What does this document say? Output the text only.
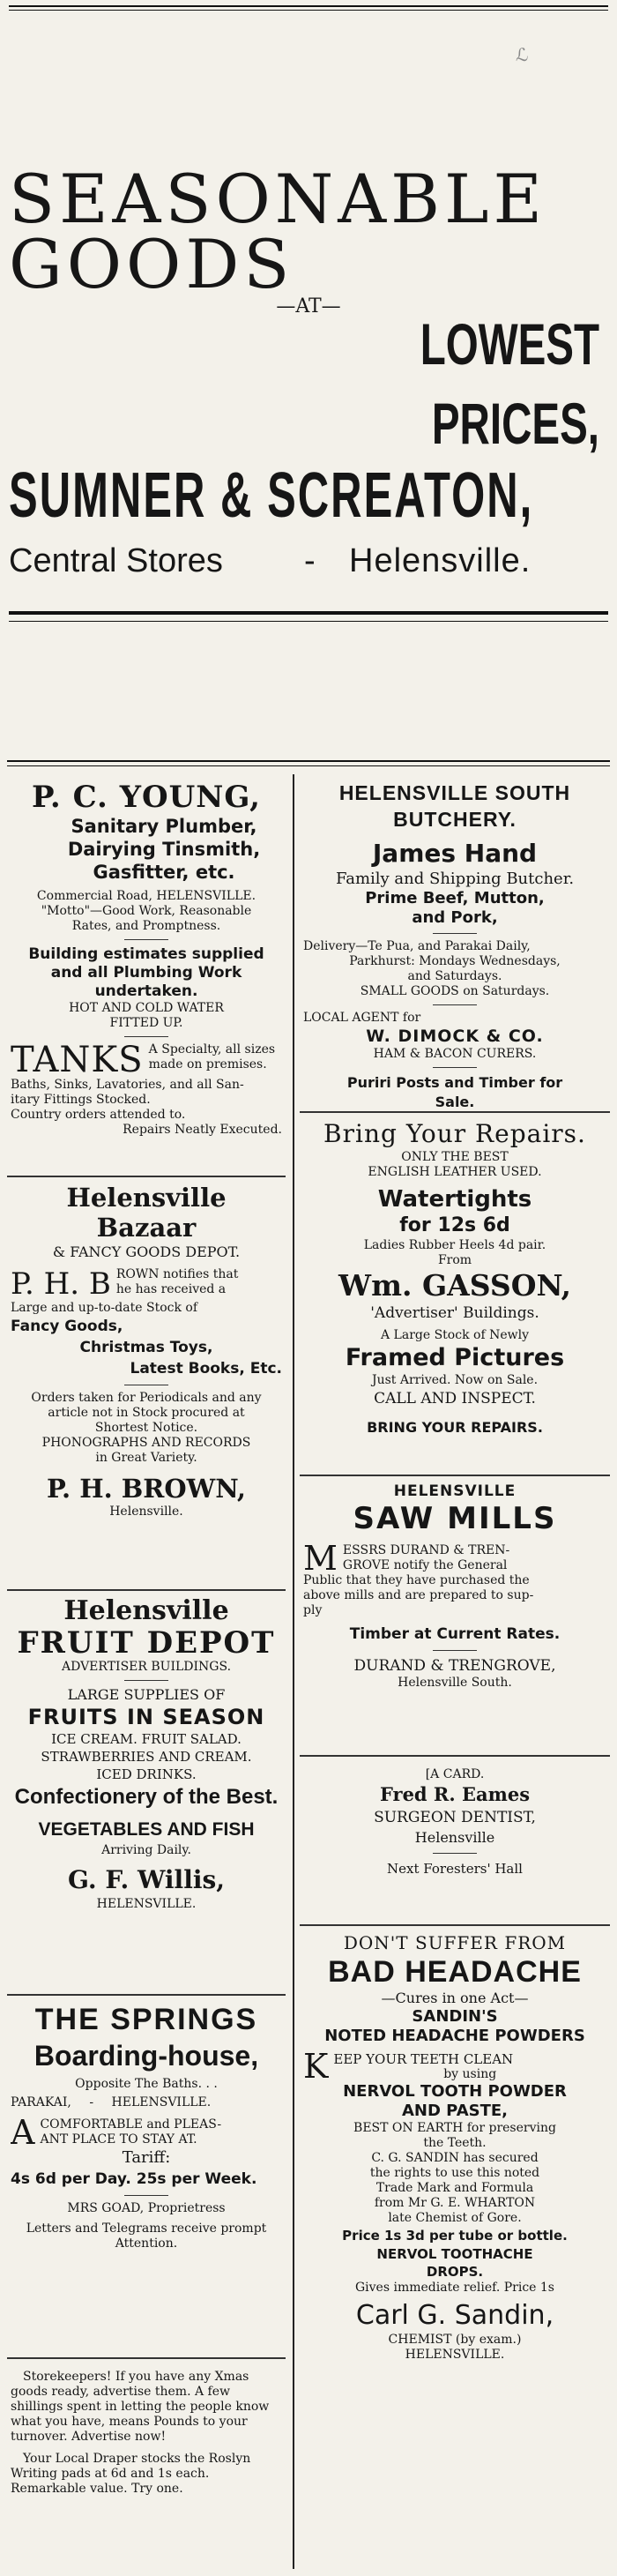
ℒ
SEASONABLE
GOODS
—AT—
LOWEST PRICES,
SUMNER & SCREATON,
Central Stores - Helensville.
P. C. YOUNG,
Sanitary Plumber,
Dairying Tinsmith,
Gasfitter, etc.
Commercial Road, HELENSVILLE.
"Motto"—Good Work, Reasonable
Rates, and Promptness.
Building estimates supplied
and all Plumbing Work
undertaken.
HOT AND COLD WATER
FITTED UP.
TANKS A Specialty, all sizes
made on premises.
Baths, Sinks, Lavatories, and all San-
itary Fittings Stocked.
Country orders attended to.
Repairs Neatly Executed.
Helensville
Bazaar
& FANCY GOODS DEPOT.
P. H. B ROWN notifies that
he has received a
Large and up-to-date Stock of
Fancy Goods,
Christmas Toys,
Latest Books, Etc.
Orders taken for Periodicals and any
article not in Stock procured at
Shortest Notice.
PHONOGRAPHS AND RECORDS
in Great Variety.
P. H. BROWN,
Helensville.
Helensville
FRUIT DEPOT
ADVERTISER BUILDINGS.
LARGE SUPPLIES OF
FRUITS IN SEASON
ICE CREAM. FRUIT SALAD.
STRAWBERRIES AND CREAM.
ICED DRINKS.
Confectionery of the Best.
VEGETABLES AND FISH
Arriving Daily.
G. F. Willis,
HELENSVILLE.
THE SPRINGS
Boarding-house,
Opposite The Baths. . .
PARAKAI, - HELENSVILLE.
A COMFORTABLE and PLEAS-
ANT PLACE TO STAY AT.
Tariff:
4s 6d per Day. 25s per Week.
MRS GOAD, Proprietress
Letters and Telegrams receive prompt
Attention.
Storekeepers! If you have any Xmas goods ready, advertise them. A few shillings spent in letting the people know what you have, means Pounds to your turnover. Advertise now!
Your Local Draper stocks the Roslyn Writing pads at 6d and 1s each. Remarkable value. Try one.
HELENSVILLE SOUTH
BUTCHERY.
James Hand
Family and Shipping Butcher.
Prime Beef, Mutton,
and Pork,
Delivery—Te Pua, and Parakai Daily,
Parkhurst: Mondays Wednesdays,
and Saturdays.
SMALL GOODS on Saturdays.
LOCAL AGENT for
W. DIMOCK & CO.
HAM & BACON CURERS.
Puriri Posts and Timber for
Sale.
Bring Your Repairs.
ONLY THE BEST
ENGLISH LEATHER USED.
Watertights
for 12s 6d
Ladies Rubber Heels 4d pair.
From
Wm. GASSON,
'Advertiser' Buildings.
A Large Stock of Newly
Framed Pictures
Just Arrived. Now on Sale.
CALL AND INSPECT.
BRING YOUR REPAIRS.
HELENSVILLE
SAW MILLS
M ESSRS DURAND & TREN-
GROVE notify the General
Public that they have purchased the
above mills and are prepared to sup-
ply
Timber at Current Rates.
DURAND & TRENGROVE,
Helensville South.
[A CARD.
Fred R. Eames
SURGEON DENTIST,
Helensville
Next Foresters' Hall
DON'T SUFFER FROM
BAD HEADACHE
—Cures in one Act—
SANDIN'S
NOTED HEADACHE POWDERS
K EEP YOUR TEETH CLEAN
by using
NERVOL TOOTH POWDER
AND PASTE,
BEST ON EARTH for preserving
the Teeth.
C. G. SANDIN has secured
the rights to use this noted
Trade Mark and Formula
from Mr G. E. WHARTON
late Chemist of Gore.
Price 1s 3d per tube or bottle.
NERVOL TOOTHACHE
DROPS.
Gives immediate relief. Price 1s
Carl G. Sandin,
CHEMIST (by exam.)
HELENSVILLE.
